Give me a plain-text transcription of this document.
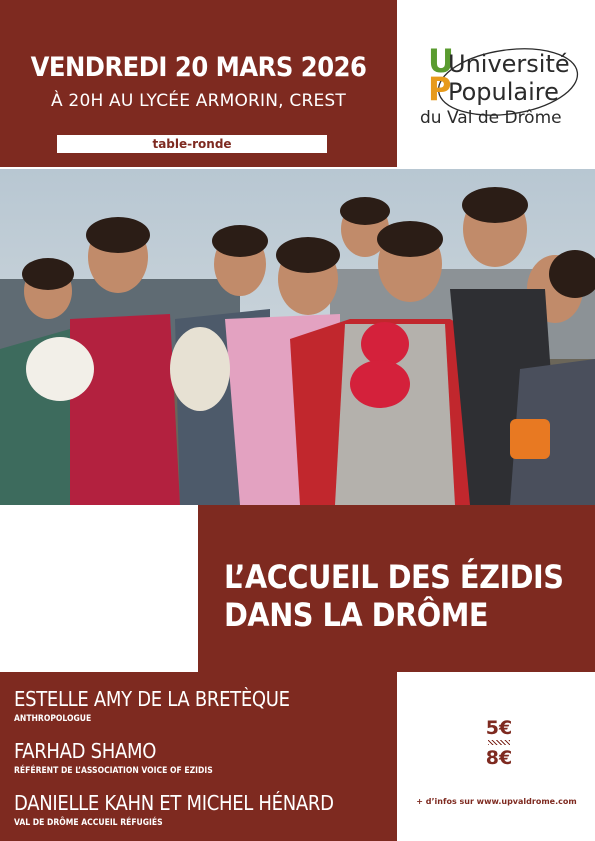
VENDREDI 20 MARS 2026
À 20H AU LYCÉE ARMORIN, CREST
table-ronde
U
Université
P
Populaire
du Val de Drôme
L’ACCUEIL DES ÉZIDIS
DANS LA DRÔME
ESTELLE AMY DE LA BRETÈQUE
ANTHROPOLOGUE
FARHAD SHAMO
RÉFÉRENT DE L’ASSOCIATION VOICE OF EZIDIS
DANIELLE KAHN ET MICHEL HÉNARD
VAL DE DRÔME ACCUEIL RÉFUGIÉS
5€
8€
+ d’infos sur www.upvaldrome.com
